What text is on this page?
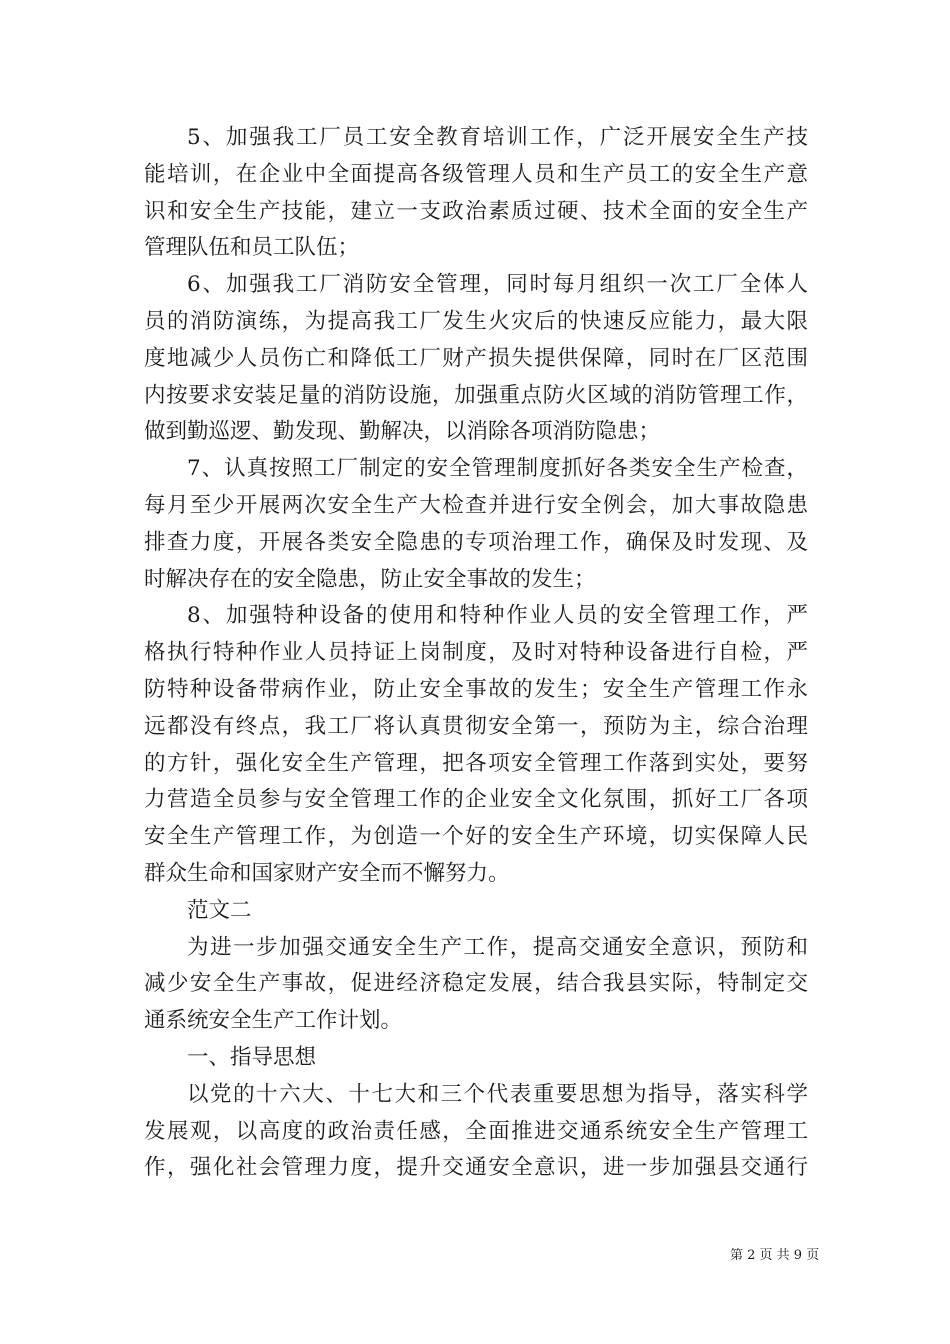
5、加强我工厂员工安全教育培训工作，广泛开展安全生产技
能培训，在企业中全面提高各级管理人员和生产员工的安全生产意
识和安全生产技能，建立一支政治素质过硬、技术全面的安全生产
管理队伍和员工队伍；
6、加强我工厂消防安全管理，同时每月组织一次工厂全体人
员的消防演练，为提高我工厂发生火灾后的快速反应能力，最大限
度地减少人员伤亡和降低工厂财产损失提供保障，同时在厂区范围
内按要求安装足量的消防设施，加强重点防火区域的消防管理工作，
做到勤巡逻、勤发现、勤解决，以消除各项消防隐患；
7、认真按照工厂制定的安全管理制度抓好各类安全生产检查，
每月至少开展两次安全生产大检查并进行安全例会，加大事故隐患
排查力度，开展各类安全隐患的专项治理工作，确保及时发现、及
时解决存在的安全隐患，防止安全事故的发生；
8、加强特种设备的使用和特种作业人员的安全管理工作，严
格执行特种作业人员持证上岗制度，及时对特种设备进行自检，严
防特种设备带病作业，防止安全事故的发生；安全生产管理工作永
远都没有终点，我工厂将认真贯彻安全第一，预防为主，综合治理
的方针，强化安全生产管理，把各项安全管理工作落到实处，要努
力营造全员参与安全管理工作的企业安全文化氛围，抓好工厂各项
安全生产管理工作，为创造一个好的安全生产环境，切实保障人民
群众生命和国家财产安全而不懈努力。
范文二
为进一步加强交通安全生产工作，提高交通安全意识，预防和
减少安全生产事故，促进经济稳定发展，结合我县实际，特制定交
通系统安全生产工作计划。
一、指导思想
以党的十六大、十七大和三个代表重要思想为指导，落实科学
发展观，以高度的政治责任感，全面推进交通系统安全生产管理工
作，强化社会管理力度，提升交通安全意识，进一步加强县交通行
第 2 页 共 9 页
